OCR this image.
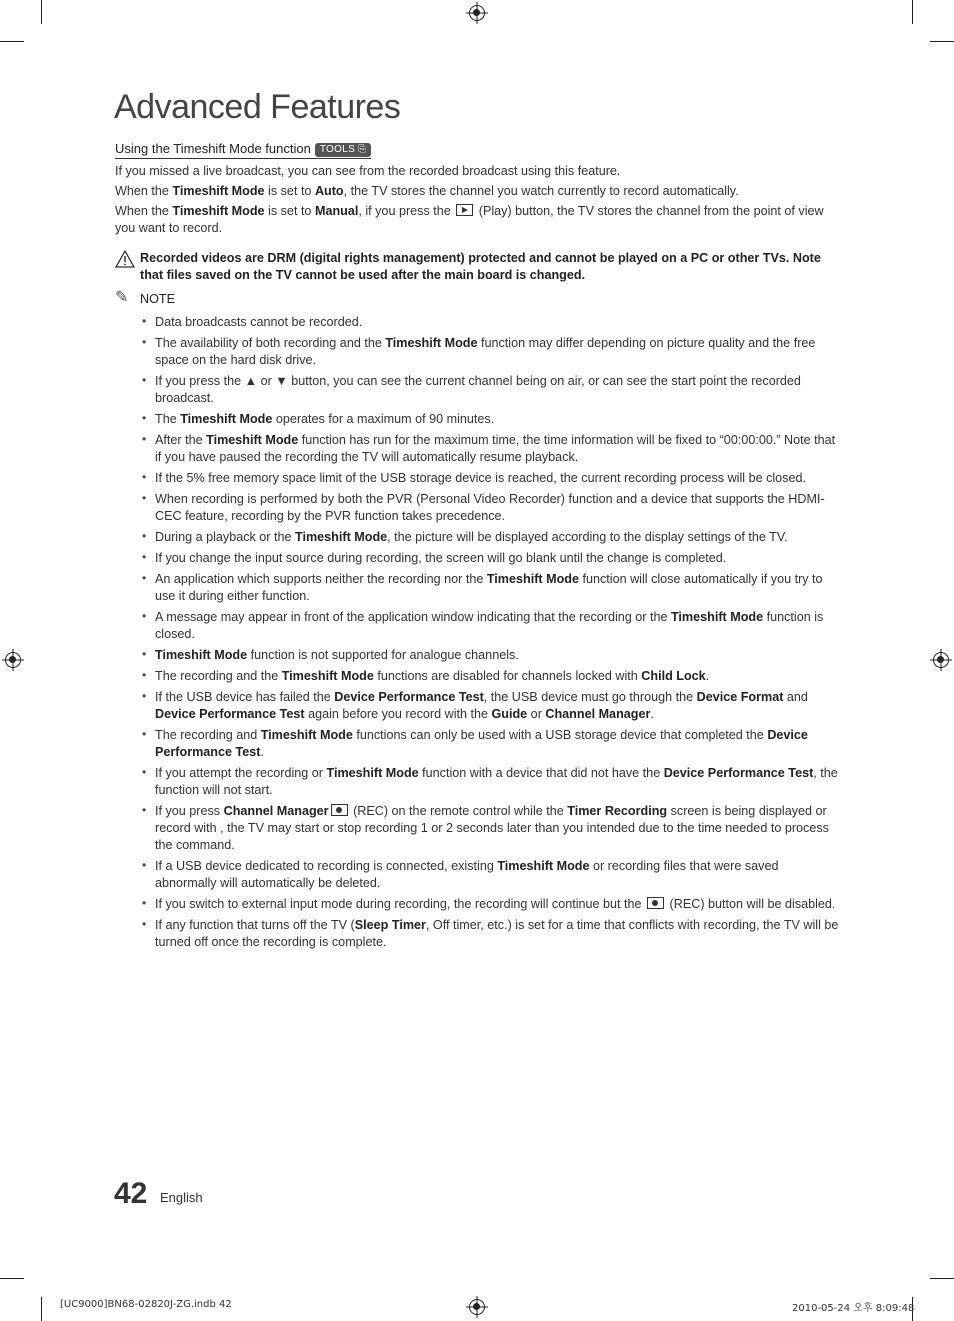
Advanced Features
Using the Timeshift Mode function TOOLS ⎘

If you missed a live broadcast, you can see from the recorded broadcast using this feature.

When the Timeshift Mode is set to Auto, the TV stores the channel you watch currently to record automatically.

When the Timeshift Mode is set to Manual, if you press the  (Play) button, the TV stores the channel from the point of view you want to record.

Recorded videos are DRM (digital rights management) protected and cannot be played on a PC or other TVs. Note that files saved on the TV cannot be used after the main board is changed.
✎ NOTE
• Data broadcasts cannot be recorded.
• The availability of both recording and the Timeshift Mode function may differ depending on picture quality and the free space on the hard disk drive.
• If you press the ▲ or ▼ button, you can see the current channel being on air, or can see the start point the recorded broadcast.
• The Timeshift Mode operates for a maximum of 90 minutes.
• After the Timeshift Mode function has run for the maximum time, the time information will be fixed to “00:00:00.” Note that if you have paused the recording the TV will automatically resume playback.
• If the 5% free memory space limit of the USB storage device is reached, the current recording process will be closed.
• When recording is performed by both the PVR (Personal Video Recorder) function and a device that supports the HDMI-CEC feature, recording by the PVR function takes precedence.
• During a playback or the Timeshift Mode, the picture will be displayed according to the display settings of the TV.
• If you change the input source during recording, the screen will go blank until the change is completed.
• An application which supports neither the recording nor the Timeshift Mode function will close automatically if you try to use it during either function.
• A message may appear in front of the application window indicating that the recording or the Timeshift Mode function is closed.
• Timeshift Mode function is not supported for analogue channels.
• The recording and the Timeshift Mode functions are disabled for channels locked with Child Lock.
• If the USB device has failed the Device Performance Test, the USB device must go through the Device Format and Device Performance Test again before you record with the Guide or Channel Manager.
• The recording and Timeshift Mode functions can only be used with a USB storage device that completed the Device Performance Test.
• If you attempt the recording or Timeshift Mode function with a device that did not have the Device Performance Test, the function will not start.
• If you press Channel Manager (REC) on the remote control while the Timer Recording screen is being displayed or record with , the TV may start or stop recording 1 or 2 seconds later than you intended due to the time needed to process the command.
• If a USB device dedicated to recording is connected, existing Timeshift Mode or recording files that were saved abnormally will automatically be deleted.
• If you switch to external input mode during recording, the recording will continue but the  (REC) button will be disabled.
• If any function that turns off the TV (Sleep Timer, Off timer, etc.) is set for a time that conflicts with recording, the TV will be turned off once the recording is complete.
42 English
[UC9000]BN68-02820J-ZG.indb 42	2010-05-24 오후 8:09:48
